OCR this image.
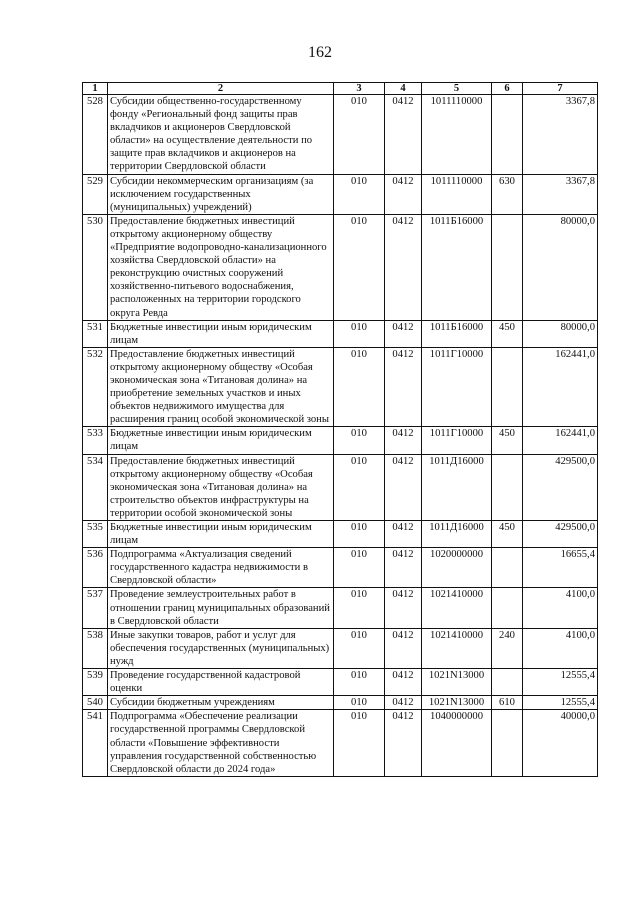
162
1	2	3	4	5	6	7
528	Субсидии общественно-государственному фонду «Региональный фонд защиты прав вкладчиков и акционеров Свердловской области» на осуществление деятельности по защите прав вкладчиков и акционеров на территории Свердловской области	010	0412	1011110000		3367,8
529	Субсидии некоммерческим организациям (за исключением государственных (муниципальных) учреждений)	010	0412	1011110000	630	3367,8
530	Предоставление бюджетных инвестиций открытому акционерному обществу «Предприятие водопроводно-канализационного хозяйства Свердловской области» на реконструкцию очистных сооружений хозяйственно-питьевого водоснабжения, расположенных на территории городского округа Ревда	010	0412	1011Б16000		80000,0
531	Бюджетные инвестиции иным юридическим лицам	010	0412	1011Б16000	450	80000,0
532	Предоставление бюджетных инвестиций открытому акционерному обществу «Особая экономическая зона «Титановая долина» на приобретение земельных участков и иных объектов недвижимого имущества для расширения границ особой экономической зоны	010	0412	1011Г10000		162441,0
533	Бюджетные инвестиции иным юридическим лицам	010	0412	1011Г10000	450	162441,0
534	Предоставление бюджетных инвестиций открытому акционерному обществу «Особая экономическая зона «Титановая долина» на строительство объектов инфраструктуры на территории особой экономической зоны	010	0412	1011Д16000		429500,0
535	Бюджетные инвестиции иным юридическим лицам	010	0412	1011Д16000	450	429500,0
536	Подпрограмма «Актуализация сведений государственного кадастра недвижимости в Свердловской области»	010	0412	1020000000		16655,4
537	Проведение землеустроительных работ в отношении границ муниципальных образований в Свердловской области	010	0412	1021410000		4100,0
538	Иные закупки товаров, работ и услуг для обеспечения государственных (муниципальных) нужд	010	0412	1021410000	240	4100,0
539	Проведение государственной кадастровой оценки	010	0412	1021N13000		12555,4
540	Субсидии бюджетным учреждениям	010	0412	1021N13000	610	12555,4
541	Подпрограмма «Обеспечение реализации государственной программы Свердловской области «Повышение эффективности управления государственной собственностью Свердловской области до 2024 года»	010	0412	1040000000		40000,0
